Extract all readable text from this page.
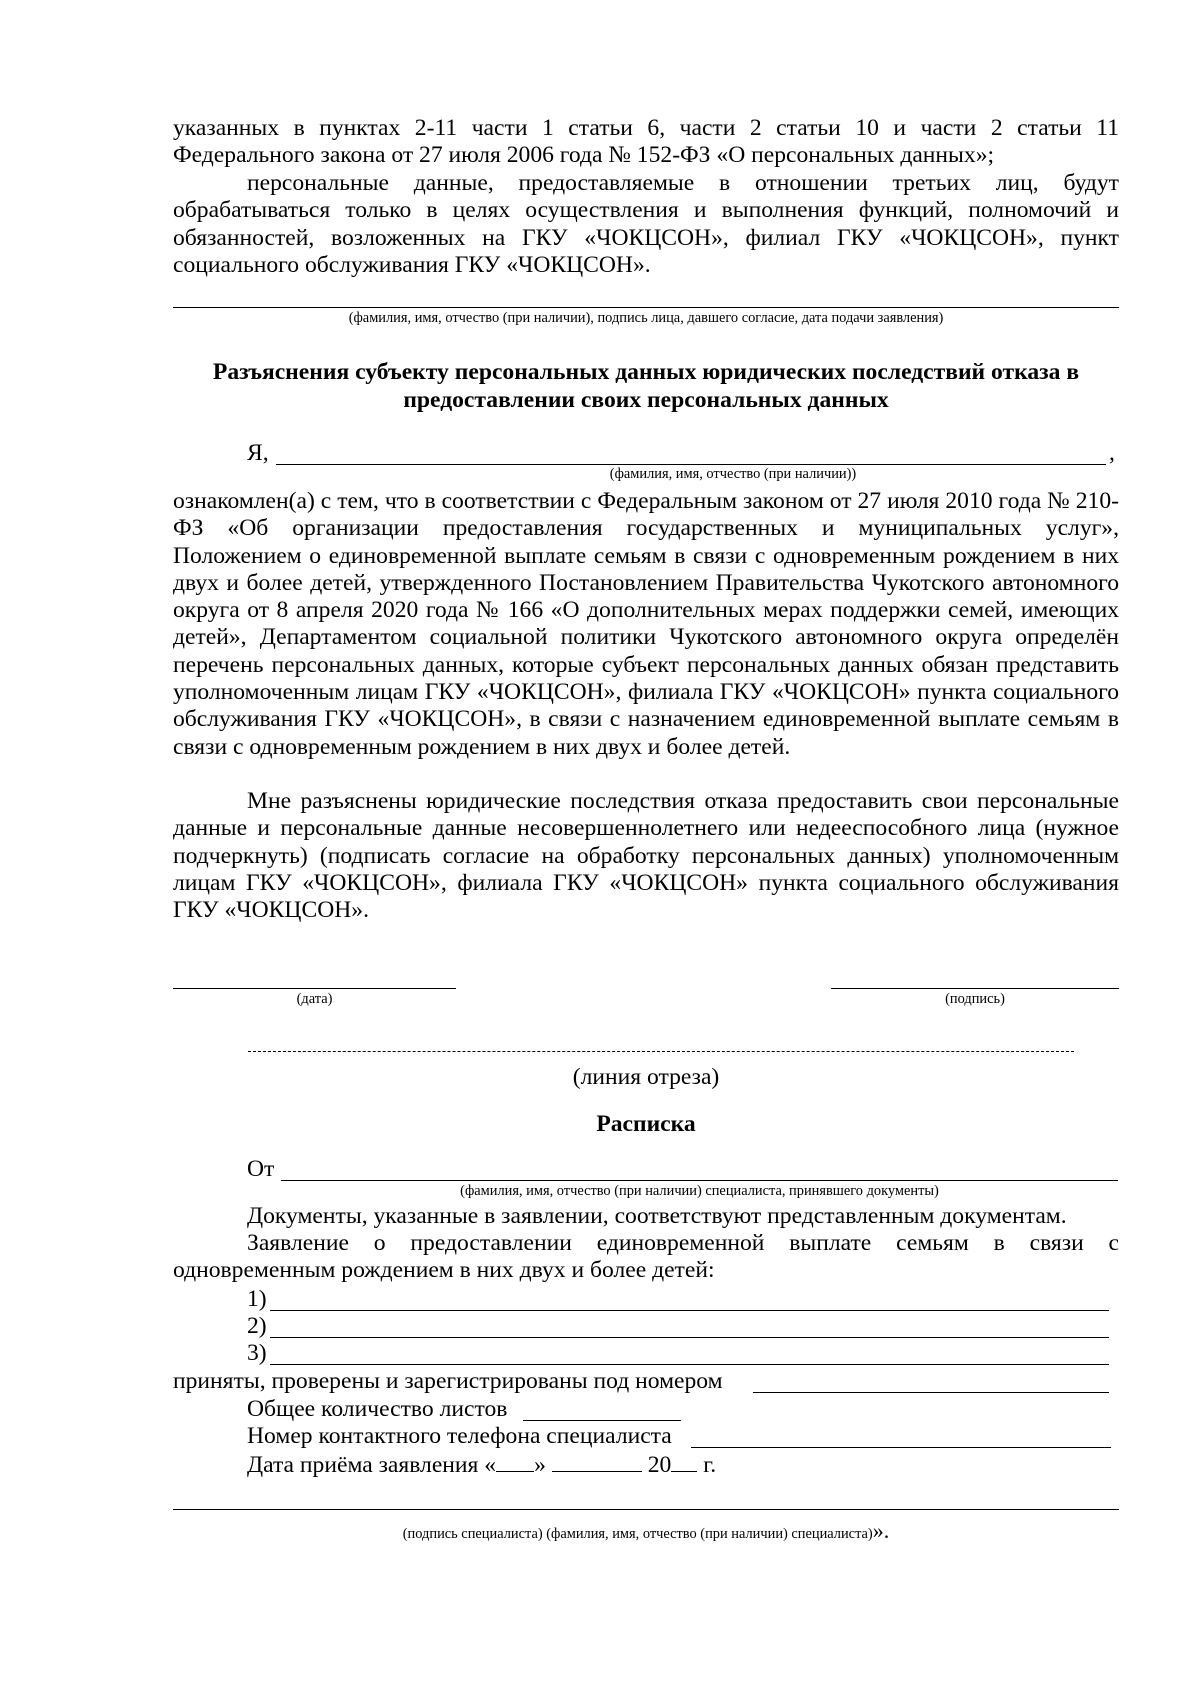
указанных в пунктах 2-11 части 1 статьи 6, части 2 статьи 10 и части 2 статьи 11 Федерального закона от 27 июля 2006 года № 152-ФЗ «О персональных данных»;

персональные данные, предоставляемые в отношении третьих лиц, будут обрабатываться только в целях осуществления и выполнения функций, полномочий и обязанностей, возложенных на ГКУ «ЧОКЦСОН», филиал ГКУ «ЧОКЦСОН», пункт социального обслуживания ГКУ «ЧОКЦСОН».

(фамилия, имя, отчество (при наличии), подпись лица, давшего согласие, дата подачи заявления)

Разъяснения субъекту персональных данных юридических последствий отказа в

предоставлении своих персональных данных

Я,	,
(фамилия, имя, отчество (при наличии))

ознакомлен(а) с тем, что в соответствии с Федеральным законом от 27 июля 2010 года № 210-ФЗ «Об организации предоставления государственных и муниципальных услуг», Положением о единовременной выплате семьям в связи с одновременным рождением в них двух и более детей, утвержденного Постановлением Правительства Чукотского автономного округа от 8 апреля 2020 года № 166 «О дополнительных мерах поддержки семей, имеющих детей», Департаментом социальной политики Чукотского автономного округа определён перечень персональных данных, которые субъект персональных данных обязан представить уполномоченным лицам ГКУ «ЧОКЦСОН», филиала ГКУ «ЧОКЦСОН» пункта социального обслуживания ГКУ «ЧОКЦСОН», в связи с назначением единовременной выплате семьям в связи с одновременным рождением в них двух и более детей.

Мне разъяснены юридические последствия отказа предоставить свои персональные данные и персональные данные несовершеннолетнего или недееспособного лица (нужное подчеркнуть) (подписать согласие на обработку персональных данных) уполномоченным лицам ГКУ «ЧОКЦСОН», филиала ГКУ «ЧОКЦСОН» пункта социального обслуживания ГКУ «ЧОКЦСОН».

(дата)	(подпись)
(линия отреза)

Расписка

От
(фамилия, имя, отчество (при наличии) специалиста, принявшего документы)
Документы, указанные в заявлении, соответствуют представленным документам.

Заявление о предоставлении единовременной выплате семьям в связи с одновременным рождением в них двух и более детей:

1)
2)
3)
приняты, проверены и зарегистрированы под номером
Общее количество листов
Номер контактного телефона специалиста
Дата приёма заявления « »	20 г.
(подпись специалиста) (фамилия, имя, отчество (при наличии) специалиста)».
